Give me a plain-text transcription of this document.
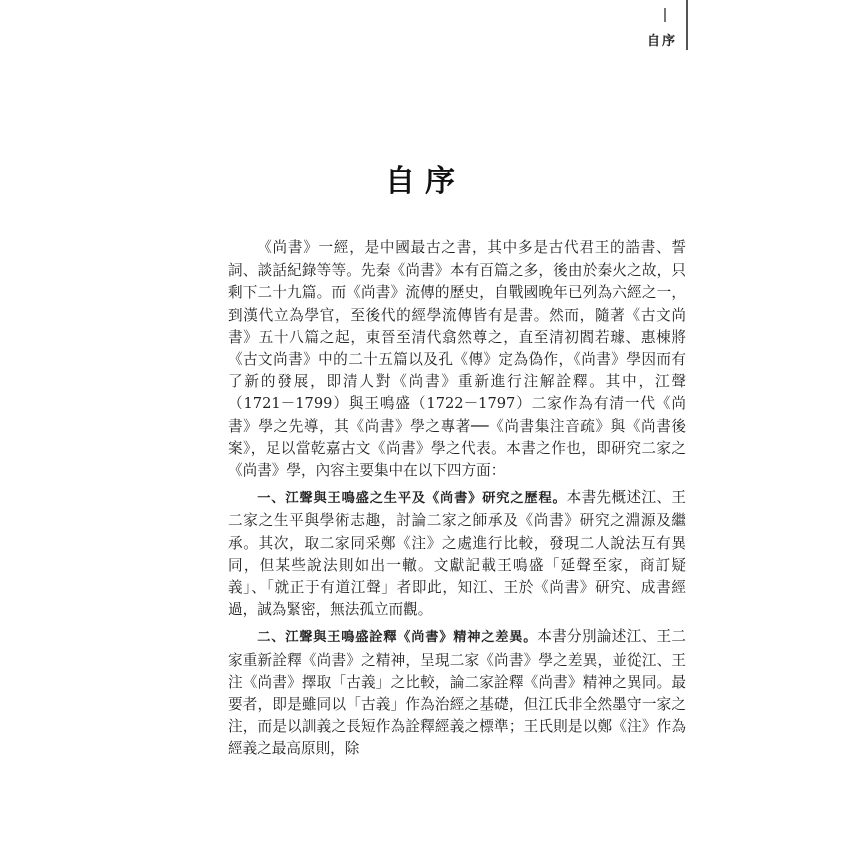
自序
自序

《尚書》一經，是中國最古之書，其中多是古代君王的誥書、誓詞、談話紀錄等等。先秦《尚書》本有百篇之多，後由於秦火之故，只剩下二十九篇。而《尚書》流傳的歷史，自戰國晚年已列為六經之一，到漢代立為學官，至後代的經學流傳皆有是書。然而，隨著《古文尚書》五十八篇之起，東晉至清代翕然尊之，直至清初閻若璩、惠棟將《古文尚書》中的二十五篇以及孔《傳》定為偽作，《尚書》學因而有了新的發展，即清人對《尚書》重新進行注解詮釋。其中，江聲（1721－1799）與王鳴盛（1722－1797）二家作為有清一代《尚書》學之先導，其《尚書》學之專著──《尚書集注音疏》與《尚書後案》，足以當乾嘉古文《尚書》學之代表。本書之作也，即研究二家之《尚書》學，內容主要集中在以下四方面：

一、江聲與王鳴盛之生平及《尚書》研究之歷程。本書先概述江、王二家之生平與學術志趣，討論二家之師承及《尚書》研究之淵源及繼承。其次，取二家同采鄭《注》之處進行比較，發現二人說法互有異同，但某些說法則如出一轍。文獻記載王鳴盛「延聲至家，商訂疑義」、「就正于有道江聲」者即此，知江、王於《尚書》研究、成書經過，誠為緊密，無法孤立而觀。

二、江聲與王鳴盛詮釋《尚書》精神之差異。本書分別論述江、王二家重新詮釋《尚書》之精神，呈現二家《尚書》學之差異，並從江、王注《尚書》擇取「古義」之比較，論二家詮釋《尚書》精神之異同。最要者，即是雖同以「古義」作為治經之基礎，但江氏非全然墨守一家之注，而是以訓義之長短作為詮釋經義之標準；王氏則是以鄭《注》作為經義之最高原則，除
